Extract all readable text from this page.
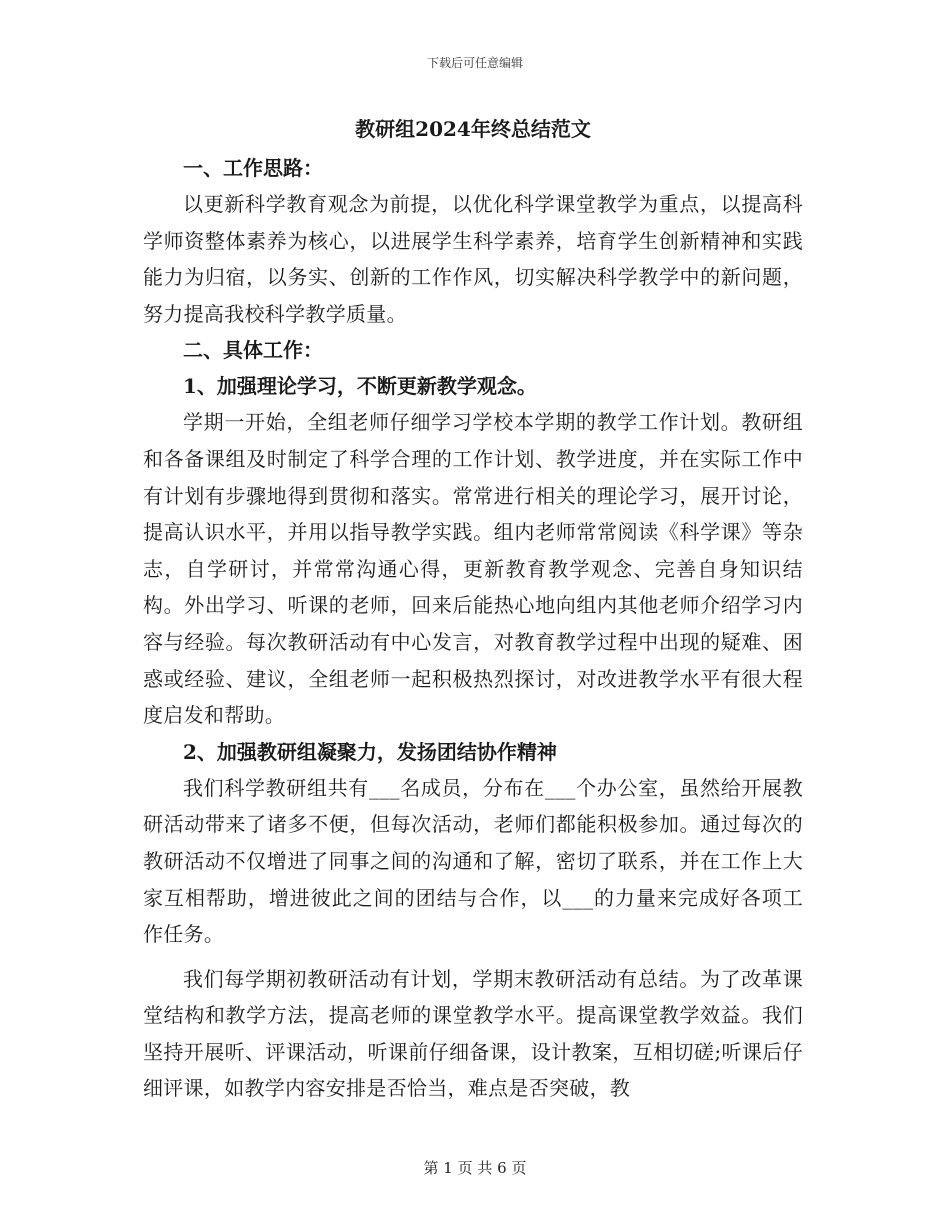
下载后可任意编辑
教研组2024年终总结范文

一、工作思路：

以更新科学教育观念为前提，以优化科学课堂教学为重点，以提高科学师资整体素养为核心，以进展学生科学素养，培育学生创新精神和实践能力为归宿，以务实、创新的工作作风，切实解决科学教学中的新问题，努力提高我校科学教学质量。

二、具体工作：

1、加强理论学习，不断更新教学观念。

学期一开始，全组老师仔细学习学校本学期的教学工作计划。教研组和各备课组及时制定了科学合理的工作计划、教学进度，并在实际工作中有计划有步骤地得到贯彻和落实。常常进行相关的理论学习，展开讨论，提高认识水平，并用以指导教学实践。组内老师常常阅读《科学课》等杂志，自学研讨，并常常沟通心得，更新教育教学观念、完善自身知识结构。外出学习、听课的老师，回来后能热心地向组内其他老师介绍学习内容与经验。每次教研活动有中心发言，对教育教学过程中出现的疑难、困惑或经验、建议，全组老师一起积极热烈探讨，对改进教学水平有很大程度启发和帮助。

2、加强教研组凝聚力，发扬团结协作精神

我们科学教研组共有___名成员，分布在___个办公室，虽然给开展教研活动带来了诸多不便，但每次活动，老师们都能积极参加。通过每次的教研活动不仅增进了同事之间的沟通和了解，密切了联系，并在工作上大家互相帮助，增进彼此之间的团结与合作，以___的力量来完成好各项工作任务。

我们每学期初教研活动有计划，学期末教研活动有总结。为了改革课堂结构和教学方法，提高老师的课堂教学水平。提高课堂教学效益。我们坚持开展听、评课活动，听课前仔细备课，设计教案，互相切磋;听课后仔细评课，如教学内容安排是否恰当，难点是否突破，教

第 1 页 共 6 页
